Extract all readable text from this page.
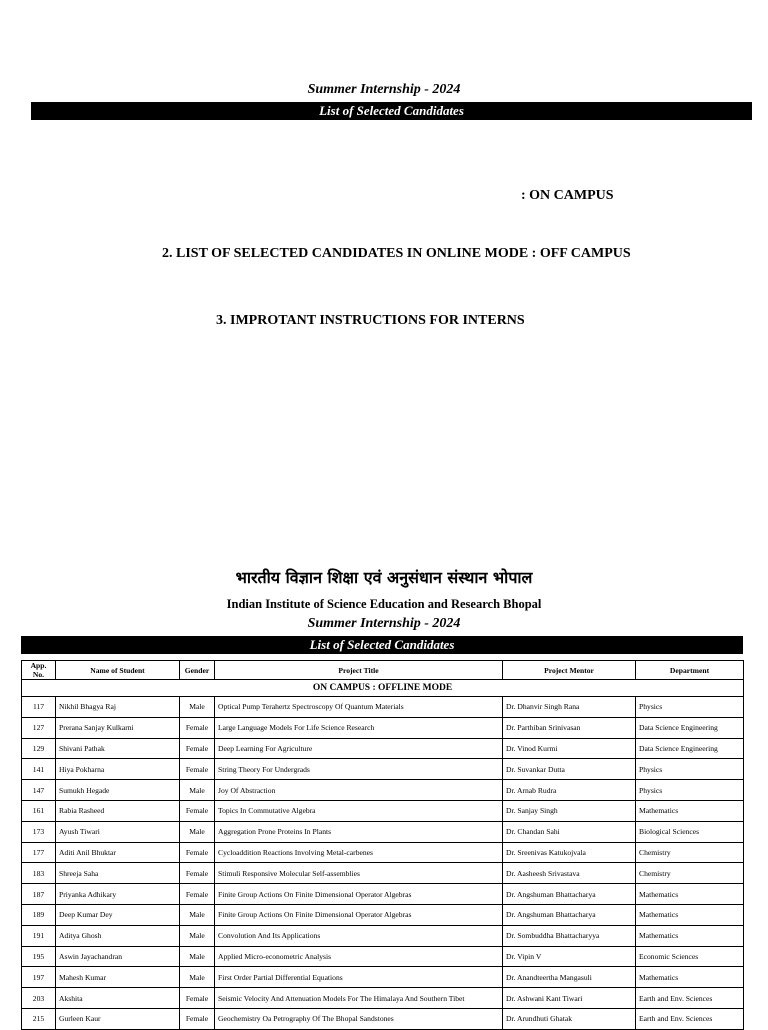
Summer Internship - 2024
List of Selected Candidates
: ON CAMPUS
2. LIST OF SELECTED CANDIDATES IN ONLINE MODE : OFF CAMPUS
3. IMPROTANT INSTRUCTIONS FOR INTERNS
भारतीय विज्ञान शिक्षा एवं अनुसंधान संस्थान भोपाल
Indian Institute of Science Education and Research Bhopal
Summer Internship - 2024
List of Selected Candidates
App. No.	Name of Student	Gender	Project Title	Project Mentor	Department
ON CAMPUS : OFFLINE MODE					
117	Nikhil Bhagya Raj	Male	Optical Pump Terahertz Spectroscopy Of Quantum Materials	Dr. Dhanvir Singh Rana	Physics
127	Prerana Sanjay Kulkarni	Female	Large Language Models For Life Science Research	Dr. Parthiban Srinivasan	Data Science Engineering
129	Shivani Pathak	Female	Deep Learning For Agriculture	Dr. Vinod Kurmi	Data Science Engineering
141	Hiya Pokharna	Female	String Theory For Undergrads	Dr. Suvankar Dutta	Physics
147	Sumukh Hegade	Male	Joy Of Abstraction	Dr. Arnab Rudra	Physics
161	Rabia Rasheed	Female	Topics In Commutative Algebra	Dr. Sanjay Singh	Mathematics
173	Ayush Tiwari	Male	Aggregation Prone Proteins In Plants	Dr. Chandan Sahi	Biological Sciences
177	Aditi Anil Bhuktar	Female	Cycloaddition Reactions Involving Metal-carbenes	Dr. Sreenivas Katukojvala	Chemistry
183	Shreeja Saha	Female	Stimuli Responsive Molecular Self-assemblies	Dr. Aasheesh Srivastava	Chemistry
187	Priyanka Adhikary	Female	Finite Group Actions On Finite Dimensional Operator Algebras	Dr. Angshuman Bhattacharya	Mathematics
189	Deep Kumar Dey	Male	Finite Group Actions On Finite Dimensional Operator Algebras	Dr. Angshuman Bhattacharya	Mathematics
191	Aditya Ghosh	Male	Convolution And Its Applications	Dr. Sombuddha Bhattacharyya	Mathematics
195	Aswin Jayachandran	Male	Applied Micro-econometric Analysis	Dr. Vipin V	Economic Sciences
197	Mahesh Kumar	Male	First Order Partial Differential Equations	Dr. Anandteertha Mangasuli	Mathematics
203	Akshita	Female	Seismic Velocity And Attenuation Models For The Himalaya And Southern Tibet	Dr. Ashwani Kant Tiwari	Earth and Env. Sciences
215	Gurleen Kaur	Female	Geochemistry Oa Petrography Of The Bhopal Sandstones	Dr. Arundhuti Ghatak	Earth and Env. Sciences
